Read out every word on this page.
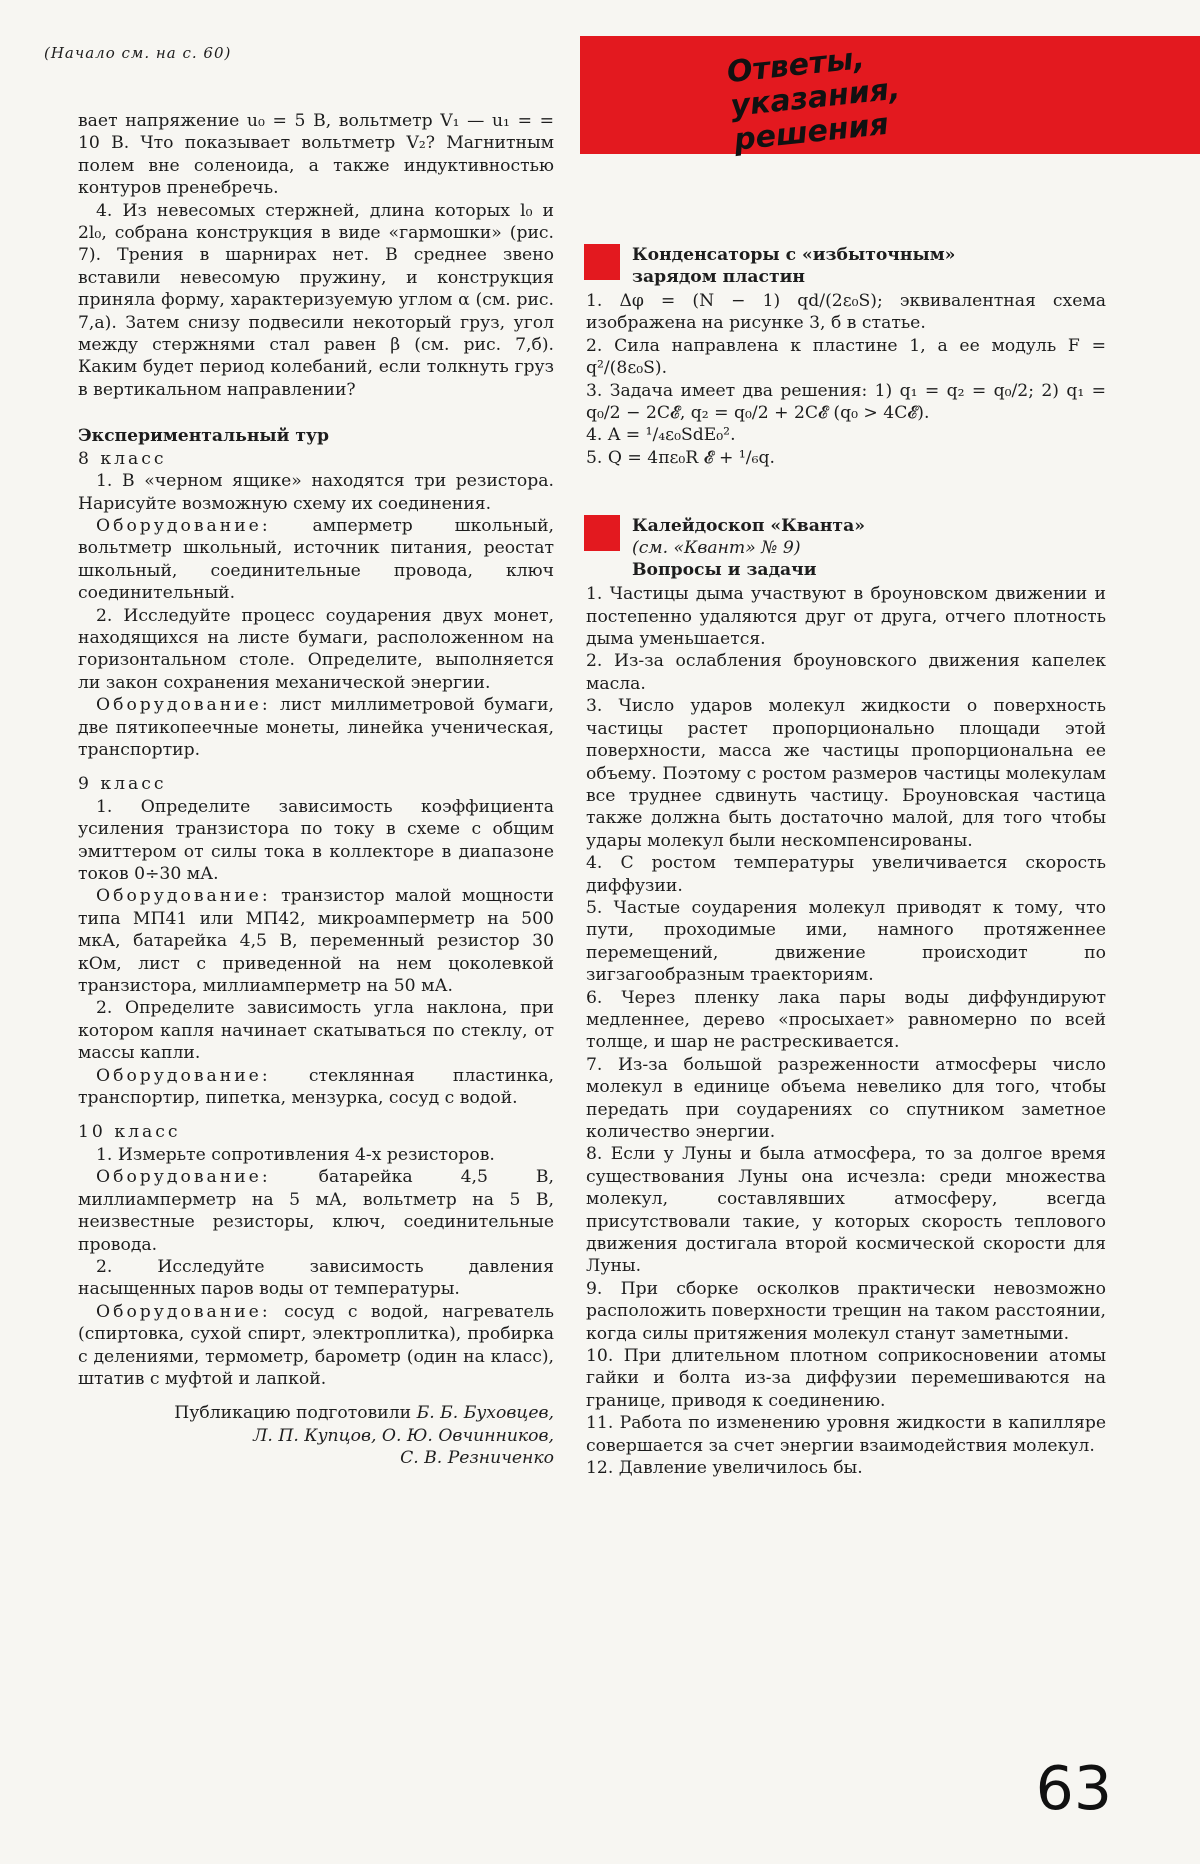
(Начало см. на с. 60)	Ответы, указания, решения

вает напряжение u₀ = 5 В, вольтметр V₁ — u₁ = = 10 В. Что показывает вольтметр V₂? Магнитным полем вне соленоида, а также индуктивностью контуров пренебречь.

4. Из невесомых стержней, длина которых l₀ и 2l₀, собрана конструкция в виде «гармошки» (рис. 7). Трения в шарнирах нет. В среднее звено вставили невесомую пружину, и конструкция приняла форму, характеризуемую углом α (см. рис. 7,а). Затем снизу подвесили некоторый груз, угол между стержнями стал равен β (см. рис. 7,б). Каким будет период колебаний, если толкнуть груз в вертикальном направлении?

Экспериментальный тур

8 класс

1. В «черном ящике» находятся три резистора. Нарисуйте возможную схему их соединения.

Оборудование: амперметр школьный, вольтметр школьный, источник питания, реостат школьный, соединительные провода, ключ соединительный.

2. Исследуйте процесс соударения двух монет, находящихся на листе бумаги, расположенном на горизонтальном столе. Определите, выполняется ли закон сохранения механической энергии.

Оборудование: лист миллиметровой бумаги, две пятикопеечные монеты, линейка ученическая, транспортир.

9 класс

1. Определите зависимость коэффициента усиления транзистора по току в схеме с общим эмиттером от силы тока в коллекторе в диапазоне токов 0÷30 мА.

Оборудование: транзистор малой мощности типа МП41 или МП42, микроамперметр на 500 мкА, батарейка 4,5 В, переменный резистор 30 кОм, лист с приведенной на нем цоколевкой транзистора, миллиамперметр на 50 мА.

2. Определите зависимость угла наклона, при котором капля начинает скатываться по стеклу, от массы капли.

Оборудование: стеклянная пластинка, транспортир, пипетка, мензурка, сосуд с водой.

10 класс

1. Измерьте сопротивления 4-х резисторов.

Оборудование:	батарейка 4,5 В, миллиамперметр на 5 мА, вольтметр на 5 В, неизвестные резисторы, ключ, соединительные провода.

2. Исследуйте зависимость давления насыщенных паров воды от температуры.

Оборудование: сосуд с водой, нагреватель (спиртовка, сухой спирт, электроплитка), пробирка с делениями, термометр, барометр (один на класс), штатив с муфтой и лапкой.

Публикацию подготовили Б. Б. Буховцев,

Л. П. Купцов, О. Ю. Овчинников,

С. В. Резниченко

Конденсаторы с «избыточным»
зарядом пластин

1. Δφ = (N − 1) qd/(2ε₀S); эквивалентная схема изображена на рисунке 3, б в статье.

2. Сила направлена к пластине 1, а ее модуль F = q²/(8ε₀S).

3. Задача имеет два решения: 1) q₁ = q₂ = q₀/2; 2) q₁ = q₀/2 − 2C𝓔, q₂ = q₀/2 + 2C𝓔 (q₀ > 4C𝓔).

4. A = ¹/₄ε₀SdE₀².

5. Q = 4πε₀R 𝓔 + ¹/₆q.

Калейдоскоп «Кванта»
(см. «Квант» № 9)
Вопросы и задачи

1. Частицы дыма участвуют в броуновском движении и постепенно удаляются друг от друга, отчего плотность дыма уменьшается.

2. Из-за ослабления броуновского движения капелек масла.

3. Число ударов молекул жидкости о поверхность частицы растет пропорционально площади этой поверхности, масса же частицы пропорциональна ее объему. Поэтому с ростом размеров частицы молекулам все труднее сдвинуть частицу. Броуновская частица также должна быть достаточно малой, для того чтобы удары молекул были нескомпенсированы.

4. С ростом температуры увеличивается скорость диффузии.

5. Частые соударения молекул приводят к тому, что пути, проходимые ими, намного протяженнее перемещений, движение происходит по зигзагообразным траекториям.

6. Через пленку лака пары воды диффундируют медленнее, дерево «просыхает» равномерно по всей толще, и шар не растрескивается.

7. Из-за большой разреженности атмосферы число молекул в единице объема невелико для того, чтобы передать при соударениях со спутником заметное количество энергии.

8. Если у Луны и была атмосфера, то за долгое время существования Луны она исчезла: среди множества молекул, составлявших атмосферу, всегда присутствовали такие, у которых скорость теплового движения достигала второй космической скорости для Луны.

9. При сборке осколков практически невозможно расположить поверхности трещин на таком расстоянии, когда силы притяжения молекул станут заметными.

10. При длительном плотном соприкосновении атомы гайки и болта из-за диффузии перемешиваются на границе, приводя к соединению.

11. Работа по изменению уровня жидкости в капилляре совершается за счет энергии взаимодействия молекул.

12. Давление увеличилось бы.

63
